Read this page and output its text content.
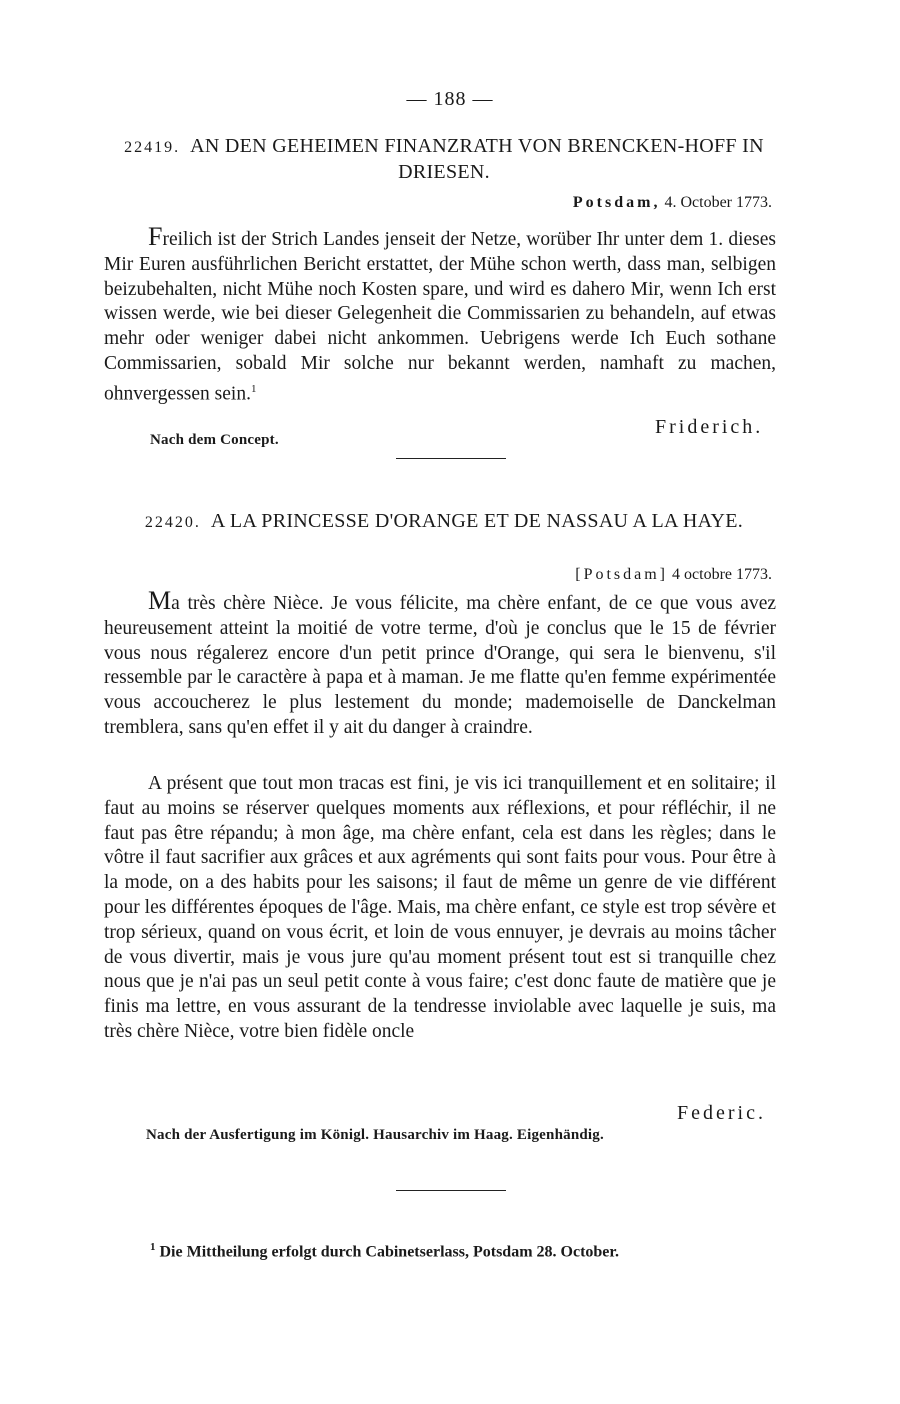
— 188 —
22419. AN DEN GEHEIMEN FINANZRATH VON BRENCKEN-HOFF IN DRIESEN.
Potsdam, 4. October 1773.
Freilich ist der Strich Landes jenseit der Netze, worüber Ihr unter dem 1. dieses Mir Euren ausführlichen Bericht erstattet, der Mühe schon werth, dass man, selbigen beizubehalten, nicht Mühe noch Kosten spare, und wird es dahero Mir, wenn Ich erst wissen werde, wie bei dieser Gelegenheit die Commissarien zu behandeln, auf etwas mehr oder weniger dabei nicht ankommen. Uebrigens werde Ich Euch sothane Commissarien, sobald Mir solche nur bekannt werden, namhaft zu machen, ohnvergessen sein.$^1$
Friderich.
Nach dem Concept.
22420. A LA PRINCESSE D'ORANGE ET DE NASSAU A LA HAYE.
[Potsdam] 4 octobre 1773.
Ma très chère Nièce. Je vous félicite, ma chère enfant, de ce que vous avez heureusement atteint la moitié de votre terme, d'où je conclus que le 15 de février vous nous régalerez encore d'un petit prince d'Orange, qui sera le bienvenu, s'il ressemble par le caractère à papa et à maman. Je me flatte qu'en femme expérimentée vous accoucherez le plus lestement du monde; mademoiselle de Danckelman tremblera, sans qu'en effet il y ait du danger à craindre.
A présent que tout mon tracas est fini, je vis ici tranquillement et en solitaire; il faut au moins se réserver quelques moments aux réflexions, et pour réfléchir, il ne faut pas être répandu; à mon âge, ma chère enfant, cela est dans les règles; dans le vôtre il faut sacrifier aux grâces et aux agréments qui sont faits pour vous. Pour être à la mode, on a des habits pour les saisons; il faut de même un genre de vie différent pour les différentes époques de l'âge. Mais, ma chère enfant, ce style est trop sévère et trop sérieux, quand on vous écrit, et loin de vous ennuyer, je devrais au moins tâcher de vous divertir, mais je vous jure qu'au moment présent tout est si tranquille chez nous que je n'ai pas un seul petit conte à vous faire; c'est donc faute de matière que je finis ma lettre, en vous assurant de la tendresse inviolable avec laquelle je suis, ma très chère Nièce, votre bien fidèle oncle
Federic.
Nach der Ausfertigung im Königl. Hausarchiv im Haag. Eigenhändig.
$^1$ Die Mittheilung erfolgt durch Cabinetserlass, Potsdam 28. October.
